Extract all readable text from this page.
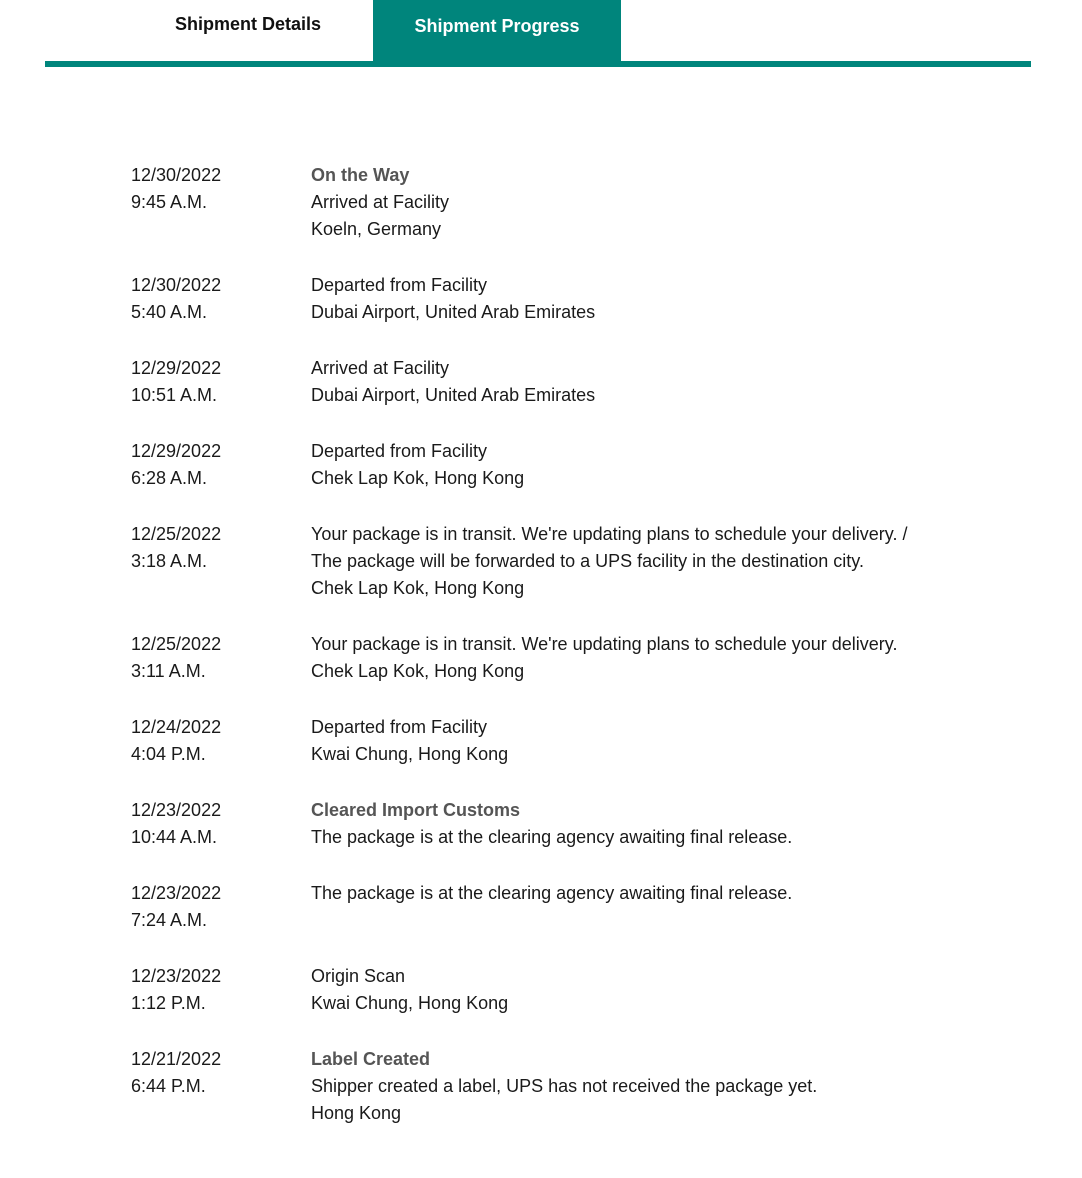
Shipment Details	Shipment Progress
12/30/2022
9:45 A.M.
On the Way
Arrived at Facility
Koeln, Germany
12/30/2022
5:40 A.M.
Departed from Facility
Dubai Airport, United Arab Emirates
12/29/2022
10:51 A.M.
Arrived at Facility
Dubai Airport, United Arab Emirates
12/29/2022
6:28 A.M.
Departed from Facility
Chek Lap Kok, Hong Kong
12/25/2022
3:18 A.M.
Your package is in transit. We're updating plans to schedule your delivery. /
The package will be forwarded to a UPS facility in the destination city.
Chek Lap Kok, Hong Kong
12/25/2022
3:11 A.M.
Your package is in transit. We're updating plans to schedule your delivery.
Chek Lap Kok, Hong Kong
12/24/2022
4:04 P.M.
Departed from Facility
Kwai Chung, Hong Kong
12/23/2022
10:44 A.M.
Cleared Import Customs
The package is at the clearing agency awaiting final release.
12/23/2022
7:24 A.M.
The package is at the clearing agency awaiting final release.
12/23/2022
1:12 P.M.
Origin Scan
Kwai Chung, Hong Kong
12/21/2022
6:44 P.M.
Label Created
Shipper created a label, UPS has not received the package yet.
Hong Kong
